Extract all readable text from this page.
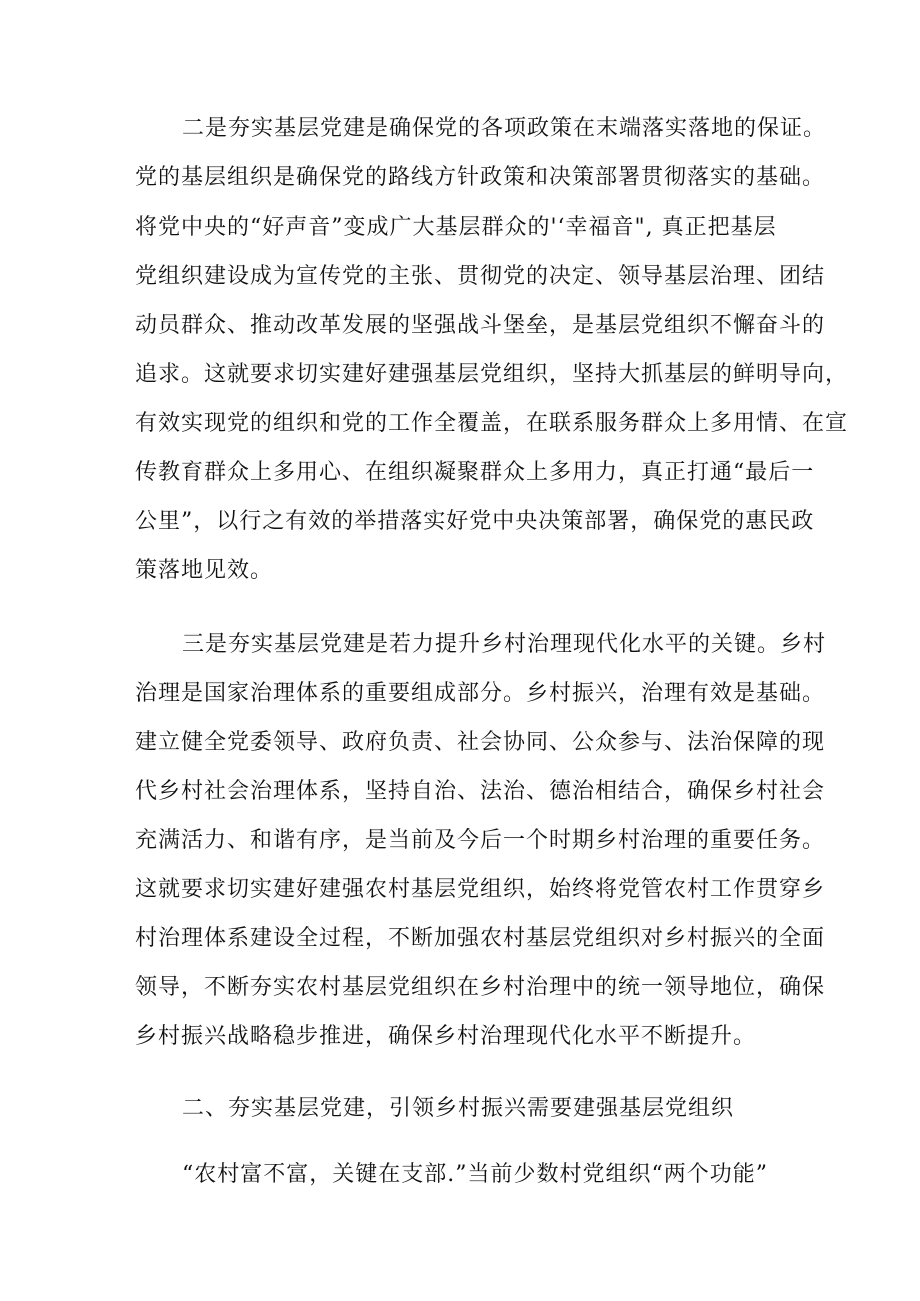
二是夯实基层党建是确保党的各项政策在末端落实落地的保证。
党的基层组织是确保党的路线方针政策和决策部署贯彻落实的基础。
将党中央的“好声音”变成广大基层群众的'‘幸福音", 真正把基层
党组织建设成为宣传党的主张、贯彻党的决定、领导基层治理、团结
动员群众、推动改革发展的坚强战斗堡垒，是基层党组织不懈奋斗的
追求。这就要求切实建好建强基层党组织，坚持大抓基层的鲜明导向，
有效实现党的组织和党的工作全覆盖，在联系服务群众上多用情、在宣
传教育群众上多用心、在组织凝聚群众上多用力，真正打通“最后一
公里”，以行之有效的举措落实好党中央决策部署，确保党的惠民政
策落地见效。
三是夯实基层党建是若力提升乡村治理现代化水平的关键。乡村
治理是国家治理体系的重要组成部分。乡村振兴，治理有效是基础。
建立健全党委领导、政府负责、社会协同、公众参与、法治保障的现
代乡村社会治理体系，坚持自治、法治、德治相结合，确保乡村社会
充满活力、和谐有序，是当前及今后一个时期乡村治理的重要任务。
这就要求切实建好建强农村基层党组织，始终将党管农村工作贯穿乡
村治理体系建设全过程，不断加强农村基层党组织对乡村振兴的全面
领导，不断夯实农村基层党组织在乡村治理中的统一领导地位，确保
乡村振兴战略稳步推进，确保乡村治理现代化水平不断提升。
二、夯实基层党建，引领乡村振兴需要建强基层党组织
“农村富不富，关键在支部.”当前少数村党组织“两个功能”
